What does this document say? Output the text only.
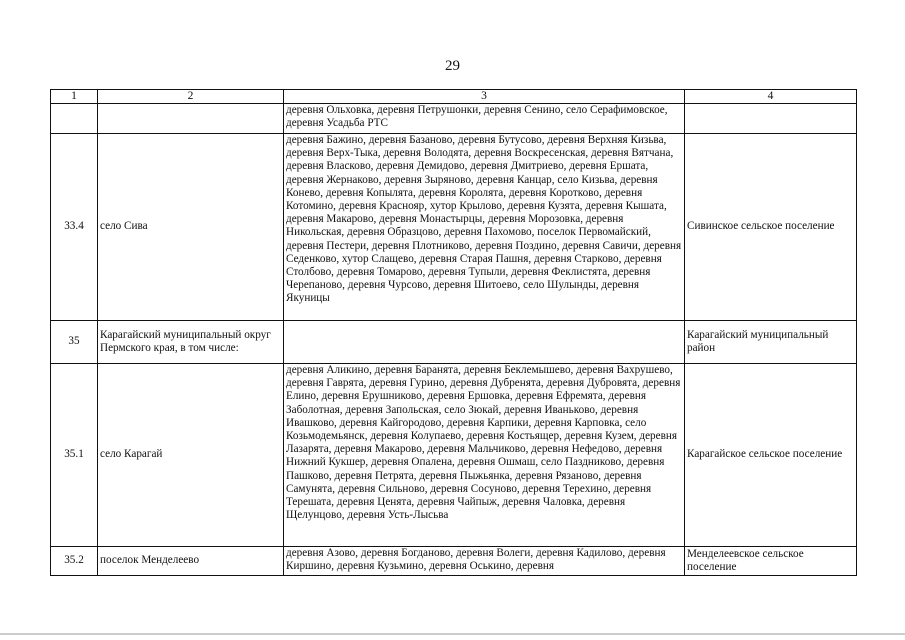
29
1	2	3	4
		деревня Ольховка, деревня Петрушонки, деревня Сенино, село Серафимовское, деревня Усадьба РТС	
33.4	село Сива	деревня Бажино, деревня Базаново, деревня Бутусово, деревня Верхняя Кизьва, деревня Верх-Тыка, деревня Володята, деревня Воскресенская, деревня Вятчана, деревня Власково, деревня Демидово, деревня Дмитриево, деревня Ершата, деревня Жернаково, деревня Зыряново, деревня Канцар, село Кизьва, деревня Конево, деревня Копылята, деревня Королята, деревня Коротково, деревня Котомино, деревня Краснояр, хутор Крылово, деревня Кузята, деревня Кышата, деревня Макарово, деревня Монастырцы, деревня Морозовка, деревня Никольская, деревня Образцово, деревня Пахомово, поселок Первомайский, деревня Пестери, деревня Плотниково, деревня Поздино, деревня Савичи, деревня Седенково, хутор Слащево, деревня Старая Пашня, деревня Старково, деревня Столбово, деревня Томарово, деревня Тупыли, деревня Феклистята, деревня Черепаново, деревня Чурсово, деревня Шитоево, село Шулынды, деревня Якуницы	Сивинское сельское поселение
35	Карагайский муниципальный округ Пермского края, в том числе:		Карагайский муниципальный район
35.1	село Карагай	деревня Аликино, деревня Баранята, деревня Беклемышево, деревня Вахрушево, деревня Гаврята, деревня Гурино, деревня Дубренята, деревня Дубровята, деревня Елино, деревня Ерушниково, деревня Ершовка, деревня Ефремята, деревня Заболотная, деревня Запольская, село Зюкай, деревня Иваньково, деревня Ивашково, деревня Кайгородово, деревня Карпики, деревня Карповка, село Козьмодемьянск, деревня Колупаево, деревня Костьящер, деревня Кузем, деревня Лазарята, деревня Макарово, деревня Мальчиково, деревня Нефедово, деревня Нижний Кукшер, деревня Опалена, деревня Ошмаш, село Паздниково, деревня Пашково, деревня Петрята, деревня Пыжьянка, деревня Рязаново, деревня Самунята, деревня Сильново, деревня Сосуново, деревня Терехино, деревня Терешата, деревня Ценята, деревня Чайпыж, деревня Чаловка, деревня Щелунцово, деревня Усть-Лысьва	Карагайское сельское поселение
35.2	поселок Менделеево	деревня Азово, деревня Богданово, деревня Волеги, деревня Кадилово, деревня Киршино, деревня Кузьмино, деревня Оськино, деревня	Менделеевское сельское поселение
